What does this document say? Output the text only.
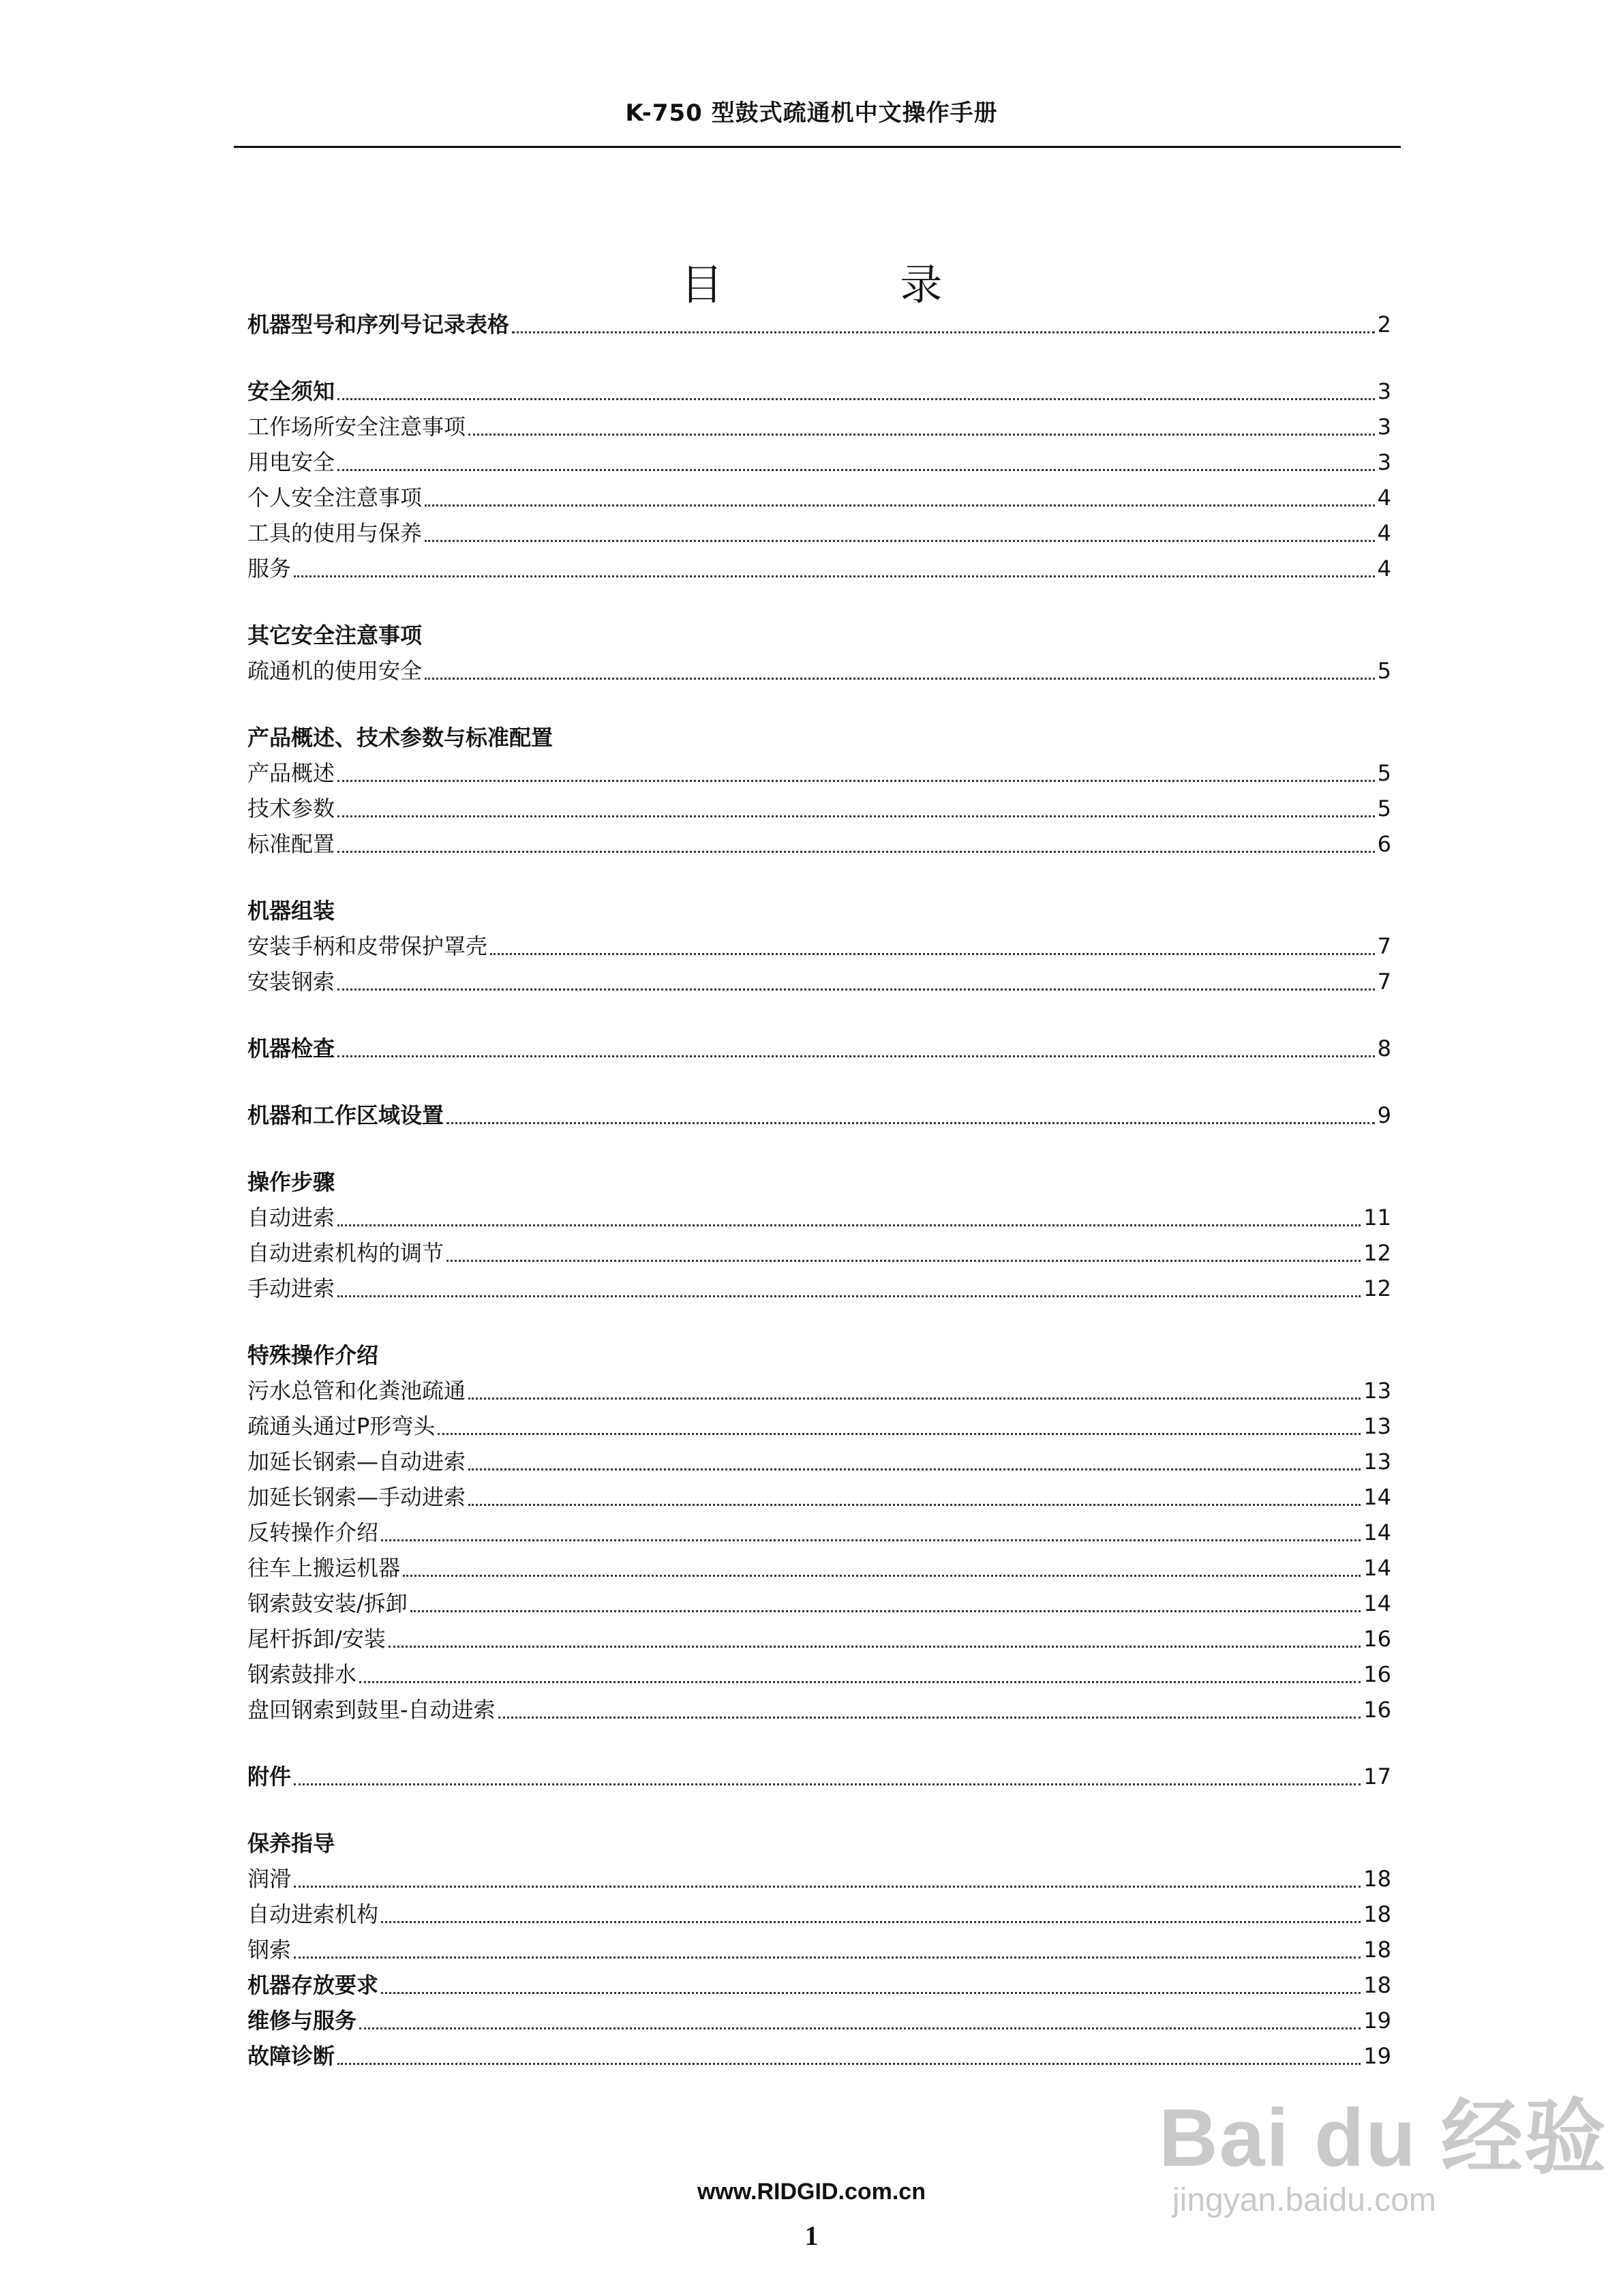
K-750 型鼓式疏通机中文操作手册
目 录
机器型号和序列号记录表格	2
安全须知	3
工作场所安全注意事项	3
用电安全	3
个人安全注意事项	4
工具的使用与保养	4
服务	4
其它安全注意事项
疏通机的使用安全	5
产品概述、技术参数与标准配置
产品概述	5
技术参数	5
标准配置	6
机器组装
安装手柄和皮带保护罩壳	7
安装钢索	7
机器检查	8
机器和工作区域设置	9
操作步骤
自动进索	11
自动进索机构的调节	12
手动进索	12
特殊操作介绍
污水总管和化粪池疏通	13
疏通头通过P形弯头	13
加延长钢索—自动进索	13
加延长钢索—手动进索	14
反转操作介绍	14
往车上搬运机器	14
钢索鼓安装/拆卸	14
尾杆拆卸/安装	16
钢索鼓排水	16
盘回钢索到鼓里-自动进索	16
附件	17
保养指导
润滑	18
自动进索机构	18
钢索	18
机器存放要求	18
维修与服务	19
故障诊断	19
Bai du 经验
jingyan.baidu.com
www.RIDGID.com.cn
1
